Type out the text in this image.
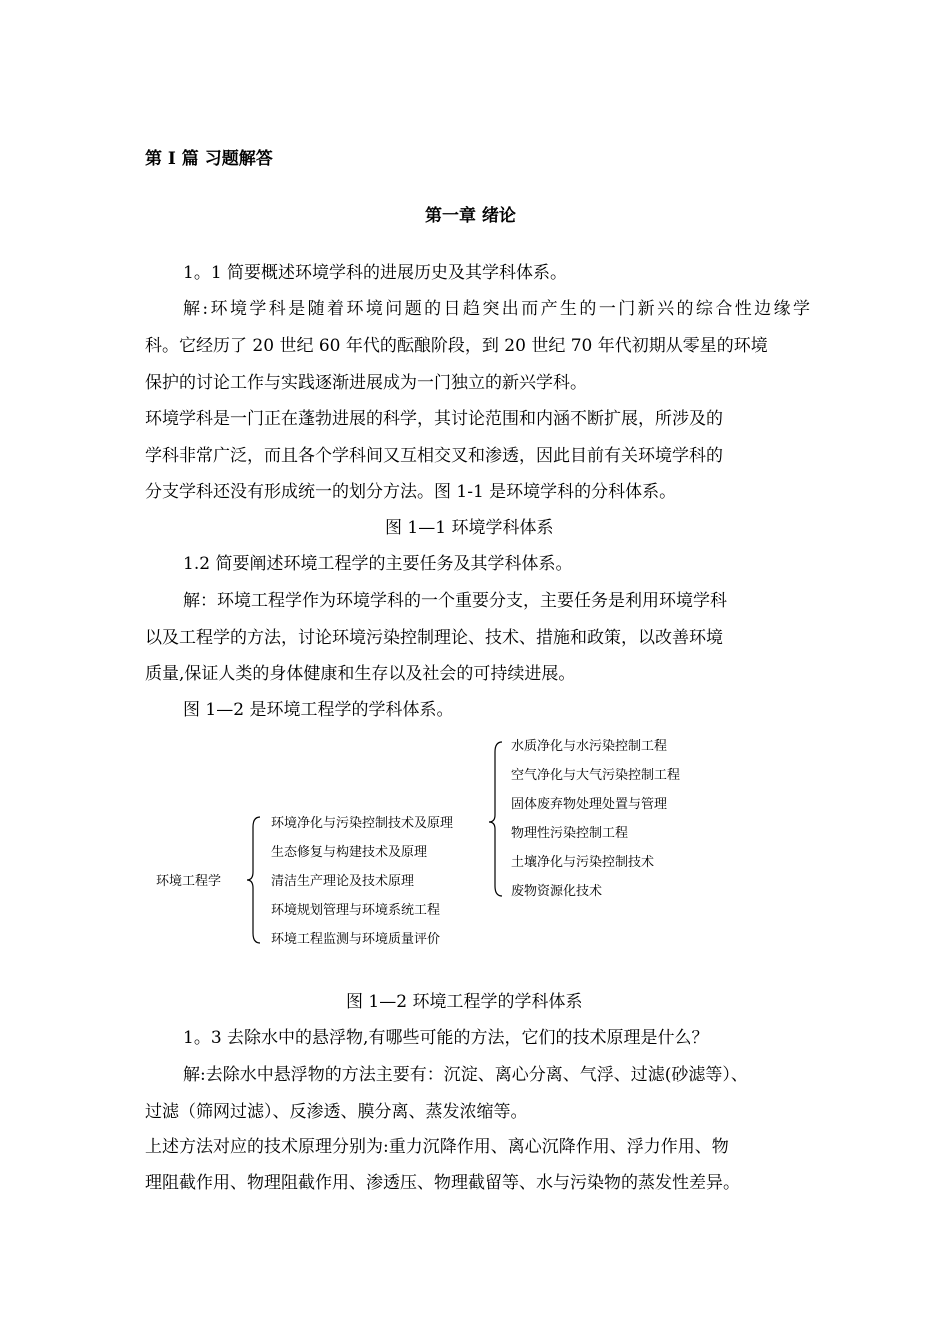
第 I 篇 习题解答
第一章 绪论
1。1 简要概述环境学科的进展历史及其学科体系。
解:环境学科是随着环境问题的日趋突出而产生的一门新兴的综合性边缘学
科。它经历了 20 世纪 60 年代的酝酿阶段，到 20 世纪 70 年代初期从零星的环境
保护的讨论工作与实践逐渐进展成为一门独立的新兴学科。
环境学科是一门正在蓬勃进展的科学，其讨论范围和内涵不断扩展，所涉及的
学科非常广泛，而且各个学科间又互相交叉和渗透，因此目前有关环境学科的
分支学科还没有形成统一的划分方法。图 1-1 是环境学科的分科体系。
图 1—1 环境学科体系
1.2 简要阐述环境工程学的主要任务及其学科体系。
解：环境工程学作为环境学科的一个重要分支，主要任务是利用环境学科
以及工程学的方法，讨论环境污染控制理论、技术、措施和政策，以改善环境
质量,保证人类的身体健康和生存以及社会的可持续进展。
图 1—2 是环境工程学的学科体系。
环境工程学
环境净化与污染控制技术及原理
生态修复与构建技术及原理
清洁生产理论及技术原理
环境规划管理与环境系统工程
环境工程监测与环境质量评价
水质净化与水污染控制工程
空气净化与大气污染控制工程
固体废弃物处理处置与管理
物理性污染控制工程
土壤净化与污染控制技术
废物资源化技术
图 1—2 环境工程学的学科体系
1。3 去除水中的悬浮物,有哪些可能的方法，它们的技术原理是什么？
解:去除水中悬浮物的方法主要有：沉淀、离心分离、气浮、过滤(砂滤等）、
过滤（筛网过滤）、反渗透、膜分离、蒸发浓缩等。
上述方法对应的技术原理分别为:重力沉降作用、离心沉降作用、浮力作用、物
理阻截作用、物理阻截作用、渗透压、物理截留等、水与污染物的蒸发性差异。
